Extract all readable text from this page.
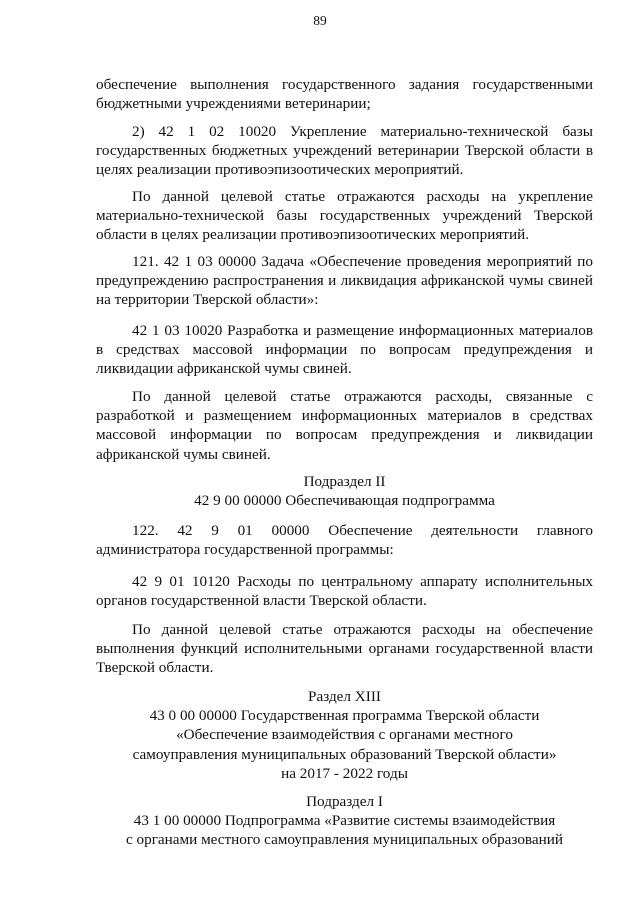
89

обеспечение выполнения государственного задания государственными бюджетными учреждениями ветеринарии;

2) 42 1 02 10020 Укрепление материально-технической базы государственных бюджетных учреждений ветеринарии Тверской области в целях реализации противоэпизоотических мероприятий.

По данной целевой статье отражаются расходы на укрепление материально-технической базы государственных учреждений Тверской области в целях реализации противоэпизоотических мероприятий.

121. 42 1 03 00000 Задача «Обеспечение проведения мероприятий по предупреждению распространения и ликвидация африканской чумы свиней на территории Тверской области»:

42 1 03 10020 Разработка и размещение информационных материалов в средствах массовой информации по вопросам предупреждения и ликвидации африканской чумы свиней.

По данной целевой статье отражаются расходы, связанные с разработкой и размещением информационных материалов в средствах массовой информации по вопросам предупреждения и ликвидации африканской чумы свиней.

Подраздел II

42 9 00 00000 Обеспечивающая подпрограмма

122. 42 9 01 00000 Обеспечение деятельности главного администратора государственной программы:

42 9 01 10120 Расходы по центральному аппарату исполнительных органов государственной власти Тверской области.

По данной целевой статье отражаются расходы на обеспечение выполнения функций исполнительными органами государственной власти Тверской области.

Раздел XIII

43 0 00 00000 Государственная программа Тверской области

«Обеспечение взаимодействия с органами местного

самоуправления муниципальных образований Тверской области»

на 2017 - 2022 годы

Подраздел I

43 1 00 00000 Подпрограмма «Развитие системы взаимодействия

с органами местного самоуправления муниципальных образований
